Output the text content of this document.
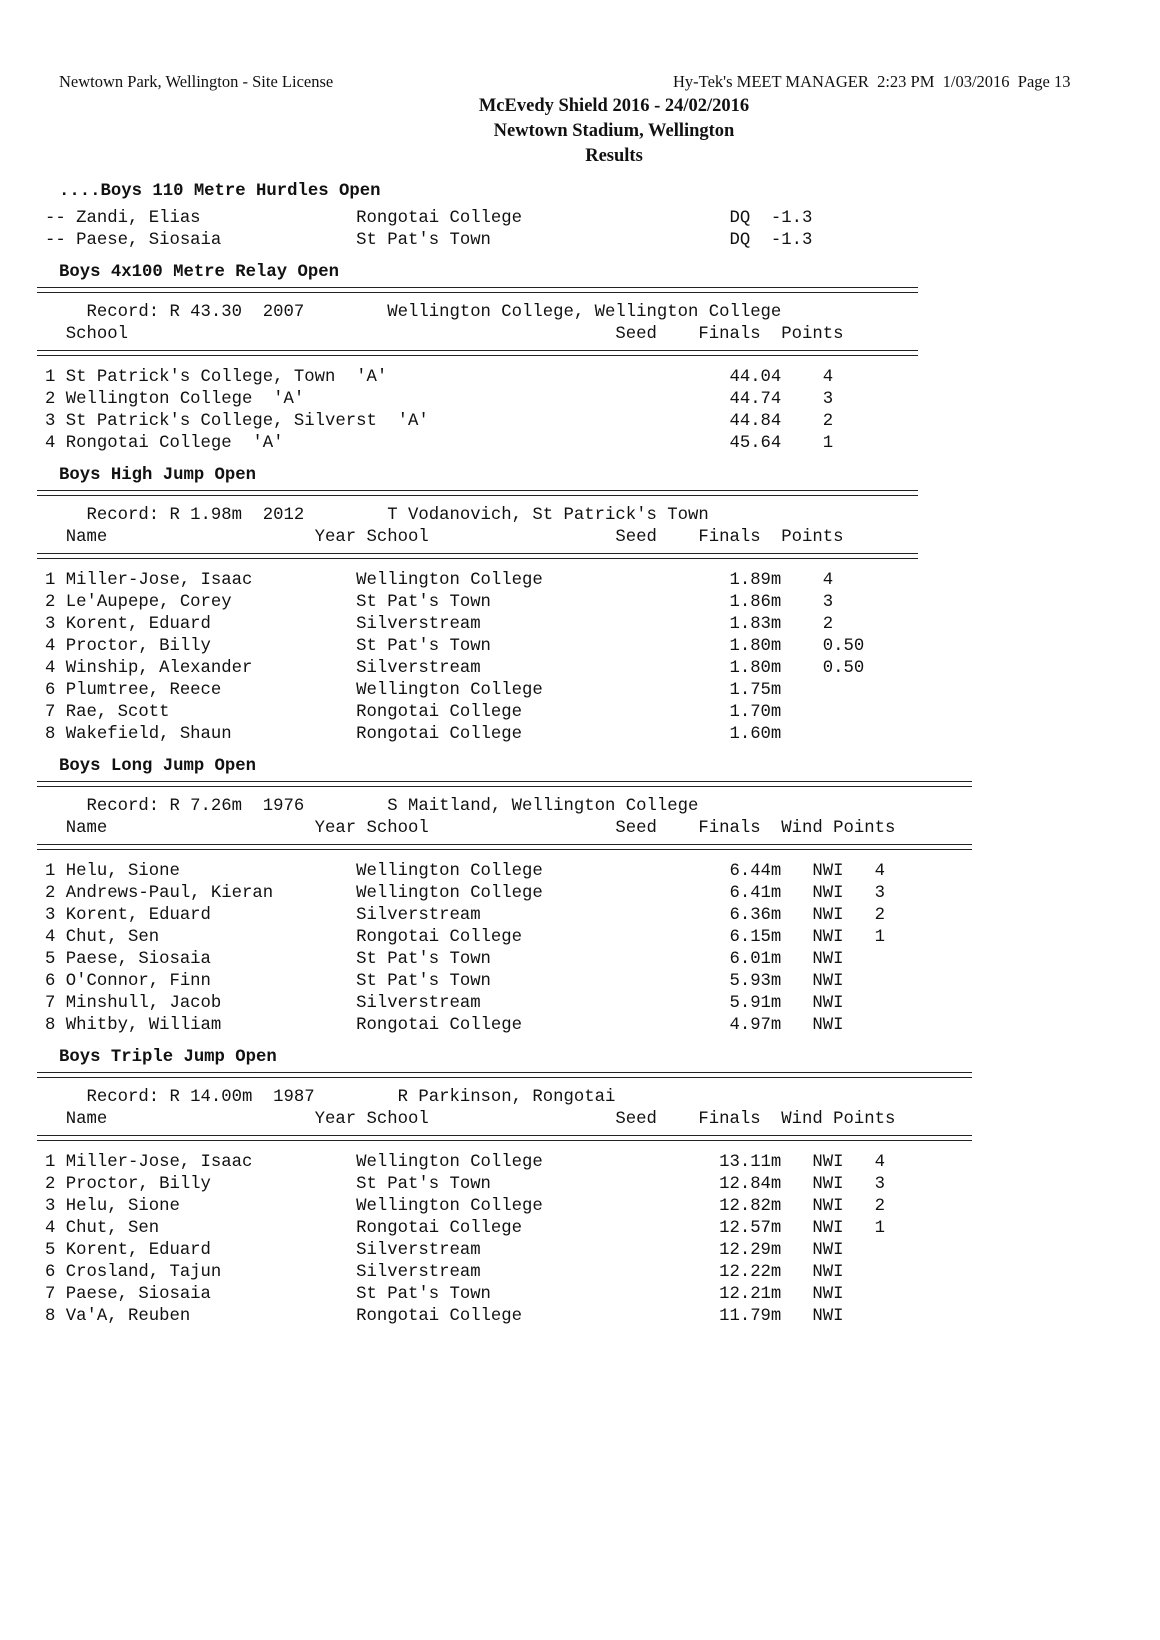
Newtown Park, Wellington - Site License	Hy-Tek's MEET MANAGER  2:23 PM  1/03/2016  Page 13
McEvedy Shield 2016 - 24/02/2016
Newtown Stadium, Wellington
Results
....Boys 110 Metre Hurdles Open
-- Zandi, Elias               Rongotai College                    DQ  -1.3
-- Paese, Siosaia             St Pat's Town                       DQ  -1.3
Boys 4x100 Metre Relay Open
Record: R 43.30  2007        Wellington College, Wellington College
School                                               Seed    Finals  Points
1 St Patrick's College, Town  'A'                                 44.04    4
2 Wellington College  'A'                                         44.74    3
3 St Patrick's College, Silverst  'A'                             44.84    2
4 Rongotai College  'A'                                           45.64    1
Boys High Jump Open
Record: R 1.98m  2012        T Vodanovich, St Patrick's Town
Name                    Year School                  Seed    Finals  Points
1 Miller-Jose, Isaac          Wellington College                  1.89m    4
2 Le'Aupepe, Corey            St Pat's Town                       1.86m    3
3 Korent, Eduard              Silverstream                        1.83m    2
4 Proctor, Billy              St Pat's Town                       1.80m    0.50
4 Winship, Alexander          Silverstream                        1.80m    0.50
6 Plumtree, Reece             Wellington College                  1.75m
7 Rae, Scott                  Rongotai College                    1.70m
8 Wakefield, Shaun            Rongotai College                    1.60m
Boys Long Jump Open
Record: R 7.26m  1976        S Maitland, Wellington College
Name                    Year School                  Seed    Finals  Wind Points
1 Helu, Sione                 Wellington College                  6.44m   NWI   4
2 Andrews-Paul, Kieran        Wellington College                  6.41m   NWI   3
3 Korent, Eduard              Silverstream                        6.36m   NWI   2
4 Chut, Sen                   Rongotai College                    6.15m   NWI   1
5 Paese, Siosaia              St Pat's Town                       6.01m   NWI
6 O'Connor, Finn              St Pat's Town                       5.93m   NWI
7 Minshull, Jacob             Silverstream                        5.91m   NWI
8 Whitby, William             Rongotai College                    4.97m   NWI
Boys Triple Jump Open
Record: R 14.00m  1987        R Parkinson, Rongotai
Name                    Year School                  Seed    Finals  Wind Points
1 Miller-Jose, Isaac          Wellington College                 13.11m   NWI   4
2 Proctor, Billy              St Pat's Town                      12.84m   NWI   3
3 Helu, Sione                 Wellington College                 12.82m   NWI   2
4 Chut, Sen                   Rongotai College                   12.57m   NWI   1
5 Korent, Eduard              Silverstream                       12.29m   NWI
6 Crosland, Tajun             Silverstream                       12.22m   NWI
7 Paese, Siosaia              St Pat's Town                      12.21m   NWI
8 Va'A, Reuben                Rongotai College                   11.79m   NWI
